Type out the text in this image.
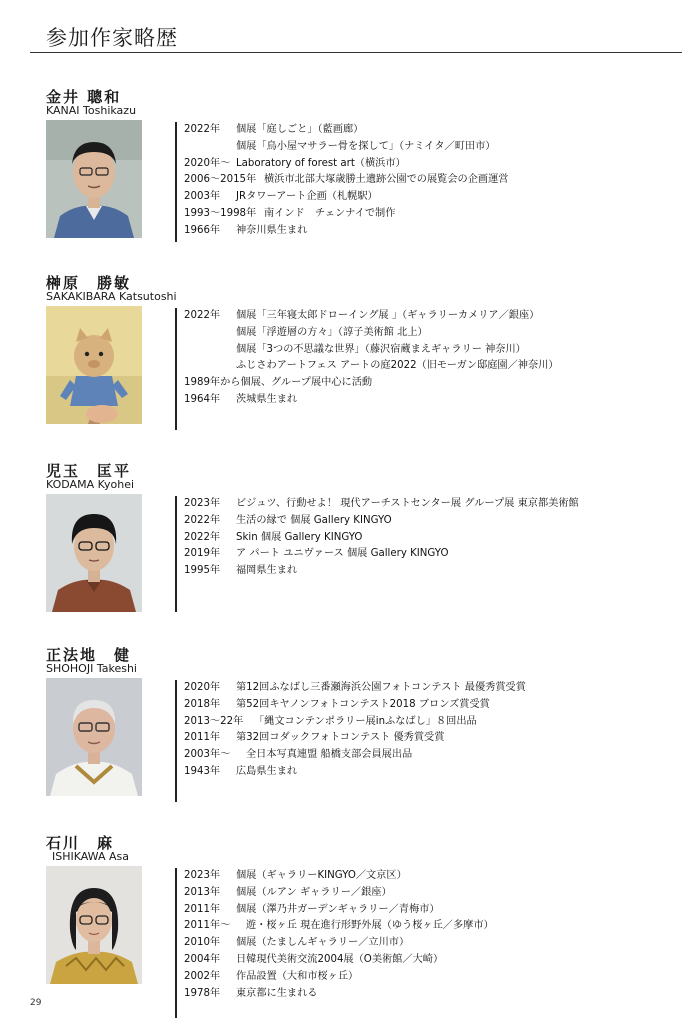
参加作家略歴
金井 聰和
KANAI Toshikazu
2022年 個展「庭しごと」（藍画廊）
個展「鳥小屋マサラー骨を探して」（ナミイタ／町田市）
2020年～ Laboratory of forest art（横浜市）
2006～2015年 横浜市北部大塚歳勝土遺跡公園での展覧会の企画運営
2003年 JRタワーアート企画（札幌駅）
1993～1998年 南インド　チェンナイで制作
1966年 神奈川県生まれ
榊原　勝敏
SAKAKIBARA Katsutoshi
2022年 個展「三年寝太郎ドローイング展 」（ギャラリーカメリア／銀座）
個展「浮遊層の方々」（諄子美術館 北上）
個展「3つの不思議な世界」（藤沢宿蔵まえギャラリー 神奈川）
ふじさわアートフェス アートの庭2022（旧モーガン邸庭園／神奈川）
1989年から個展、グループ展中心に活動
1964年 茨城県生まれ
児玉　匡平
KODAMA Kyohei
2023年 ビジュツ、行動せよ！ 現代アーチストセンター展 グループ展 東京都美術館
2022年 生活の縁で 個展 Gallery KINGYO
2022年 Skin 個展 Gallery KINGYO
2019年 ア パート ユニヴァース 個展 Gallery KINGYO
1995年 福岡県生まれ
正法地　健
SHOHOJI Takeshi
2020年 第12回ふなばし三番瀬海浜公園フォトコンテスト 最優秀賞受賞
2018年 第52回キヤノンフォトコンテスト2018 ブロンズ賞受賞
2013～22年 「縄文コンテンポラリー展inふなばし」８回出品
2011年 第32回コダックフォトコンテスト 優秀賞受賞
2003年～ 全日本写真連盟 船橋支部会員展出品
1943年 広島県生まれ
石川　麻
ISHIKAWA Asa
2023年 個展（ギャラリーKINGYO／文京区）
2013年 個展（ルアン ギャラリー／銀座）
2011年 個展（澤乃井ガーデンギャラリー／青梅市）
2011年～ 遊・桜ヶ丘 現在進行形野外展（ゆう桜ヶ丘／多摩市）
2010年 個展（たましんギャラリー／立川市）
2004年 日韓現代美術交流2004展（O美術館／大崎）
2002年 作品設置（大和市桜ヶ丘）
1978年 東京都に生まれる
29
